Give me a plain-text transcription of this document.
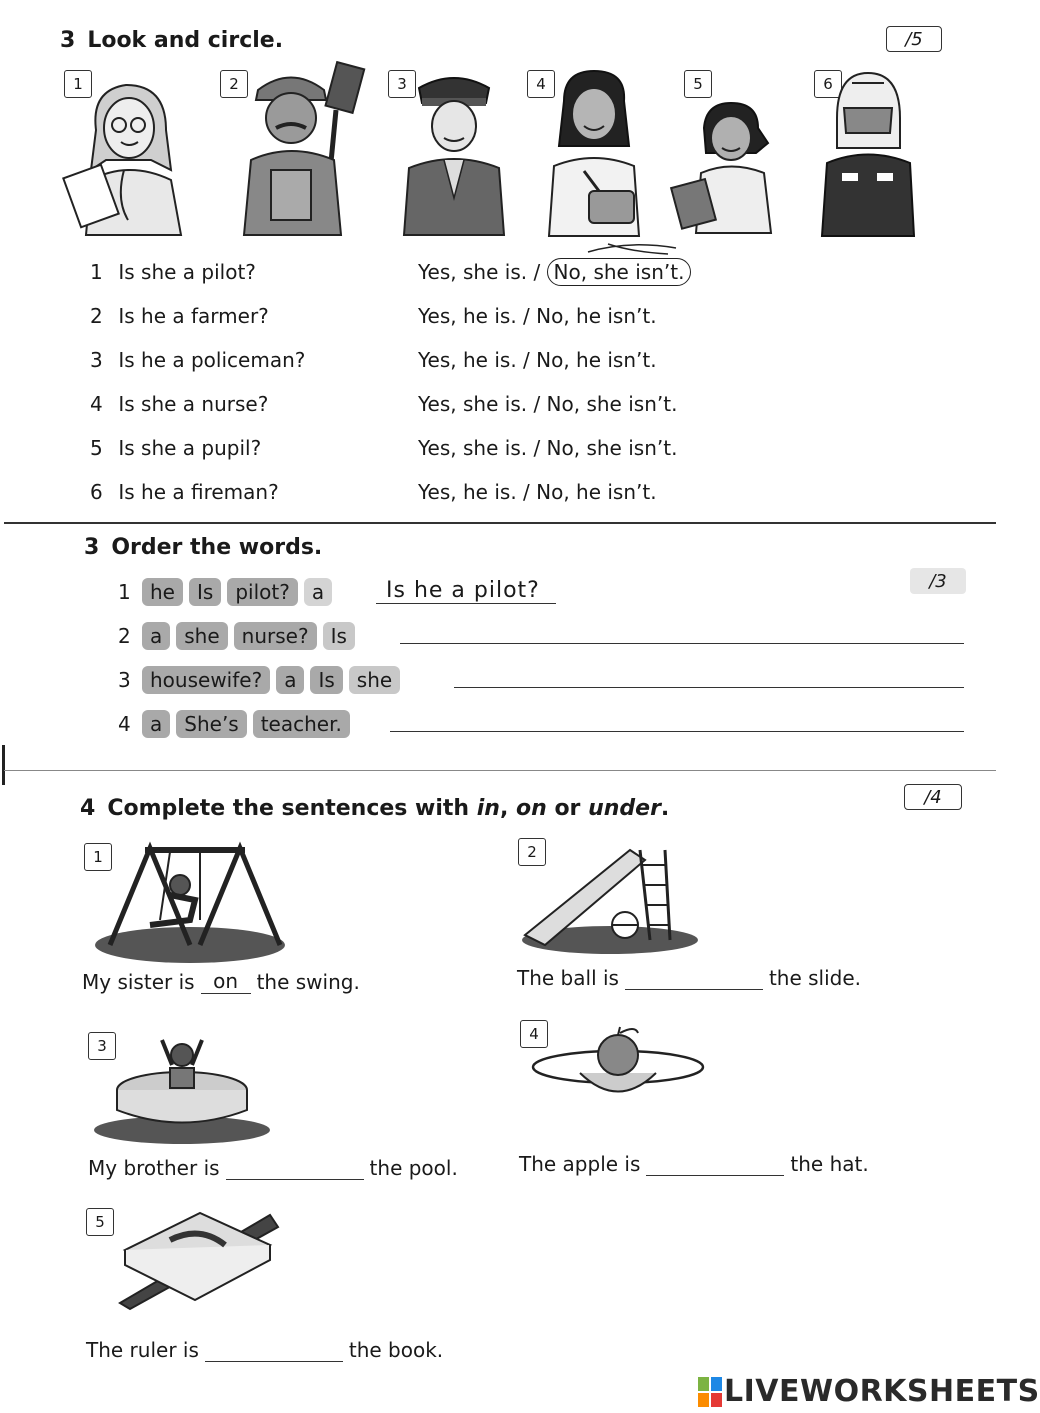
3 Look and circle.	/5
1	2	3	4	5	6
1 Is she a pilot?	Yes, she is. / No, she isn’t.
2 Is he a farmer?	Yes, he is. / No, he isn’t.
3 Is he a policeman?	Yes, he is. / No, he isn’t.
4 Is she a nurse?	Yes, she is. / No, she isn’t.
5 Is she a pupil?	Yes, she is. / No, she isn’t.
6 Is he a fireman?	Yes, he is. / No, he isn’t.
3 Order the words.
/3
1 he	Is	pilot?	a	Is he a pilot?
2 a	she	nurse?	Is
3 housewife?	a	Is	she
4 a	She’s	teacher.
4 Complete the sentences with in, on or under.	/4
1
My sister is on the swing.
2
The ball is	the slide.
3
My brother is	the pool.
4
The apple is	the hat.
5
The ruler is	the book.
LIVEWORKSHEETS
